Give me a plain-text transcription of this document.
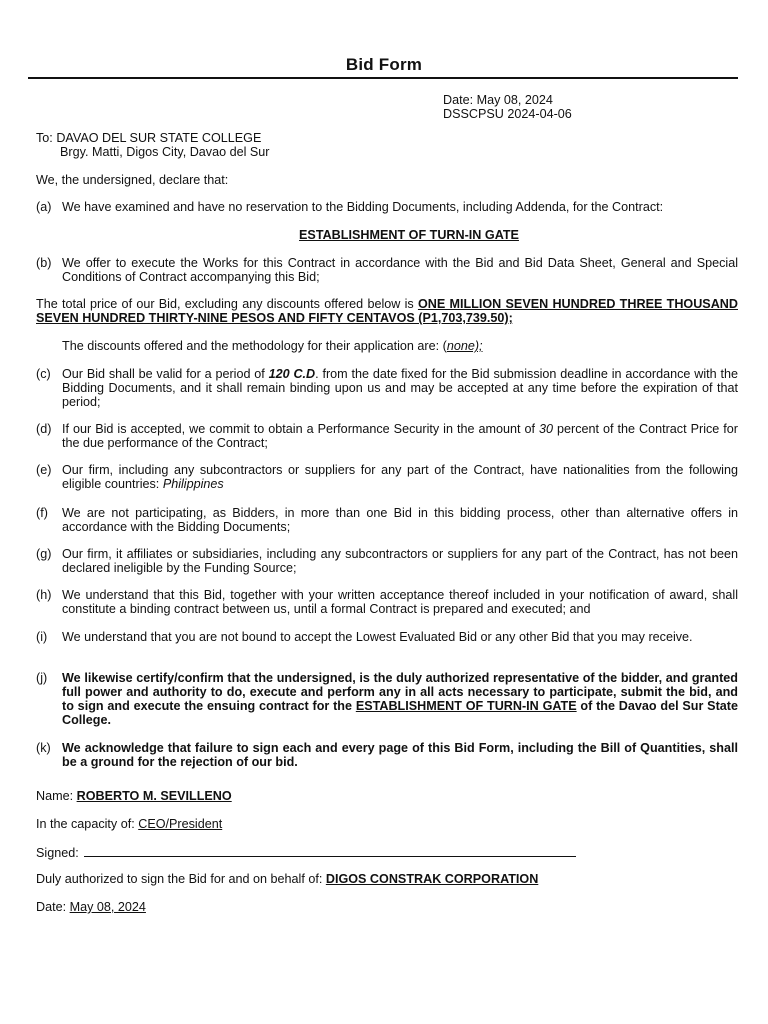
Bid Form
Date: May 08, 2024
DSSCPSU 2024-04-06
To: DAVAO DEL SUR STATE COLLEGE
Brgy. Matti, Digos City, Davao del Sur
We, the undersigned, declare that:
(a) We have examined and have no reservation to the Bidding Documents, including Addenda, for the Contract:
ESTABLISHMENT OF TURN-IN GATE
(b) We offer to execute the Works for this Contract in accordance with the Bid and Bid Data Sheet, General and Special Conditions of Contract accompanying this Bid;
The total price of our Bid, excluding any discounts offered below is ONE MILLION SEVEN HUNDRED THREE THOUSAND SEVEN HUNDRED THIRTY-NINE PESOS AND FIFTY CENTAVOS (P1,703,739.50);
The discounts offered and the methodology for their application are: (none);
(c) Our Bid shall be valid for a period of 120 C.D. from the date fixed for the Bid submission deadline in accordance with the Bidding Documents, and it shall remain binding upon us and may be accepted at any time before the expiration of that period;
(d) If our Bid is accepted, we commit to obtain a Performance Security in the amount of 30 percent of the Contract Price for the due performance of the Contract;
(e) Our firm, including any subcontractors or suppliers for any part of the Contract, have nationalities from the following eligible countries: Philippines
(f)	We are not participating, as Bidders, in more than one Bid in this bidding process, other than alternative offers in accordance with the Bidding Documents;
(g) Our firm, it affiliates or subsidiaries, including any subcontractors or suppliers for any part of the Contract, has not been declared ineligible by the Funding Source;
(h) We understand that this Bid, together with your written acceptance thereof included in your notification of award, shall constitute a binding contract between us, until a formal Contract is prepared and executed; and
(i)	We understand that you are not bound to accept the Lowest Evaluated Bid or any other Bid that you may receive.
(j)	We likewise certify/confirm that the undersigned, is the duly authorized representative of the bidder, and granted full power and authority to do, execute and perform any in all acts necessary to participate, submit the bid, and to sign and execute the ensuing contract for the ESTABLISHMENT OF TURN-IN GATE of the Davao del Sur State College.
(k) We acknowledge that failure to sign each and every page of this Bid Form, including the Bill of Quantities, shall be a ground for the rejection of our bid.
Name: ROBERTO M. SEVILLENO
In the capacity of: CEO/President
Signed:
Duly authorized to sign the Bid for and on behalf of: DIGOS CONSTRAK CORPORATION
Date: May 08, 2024
